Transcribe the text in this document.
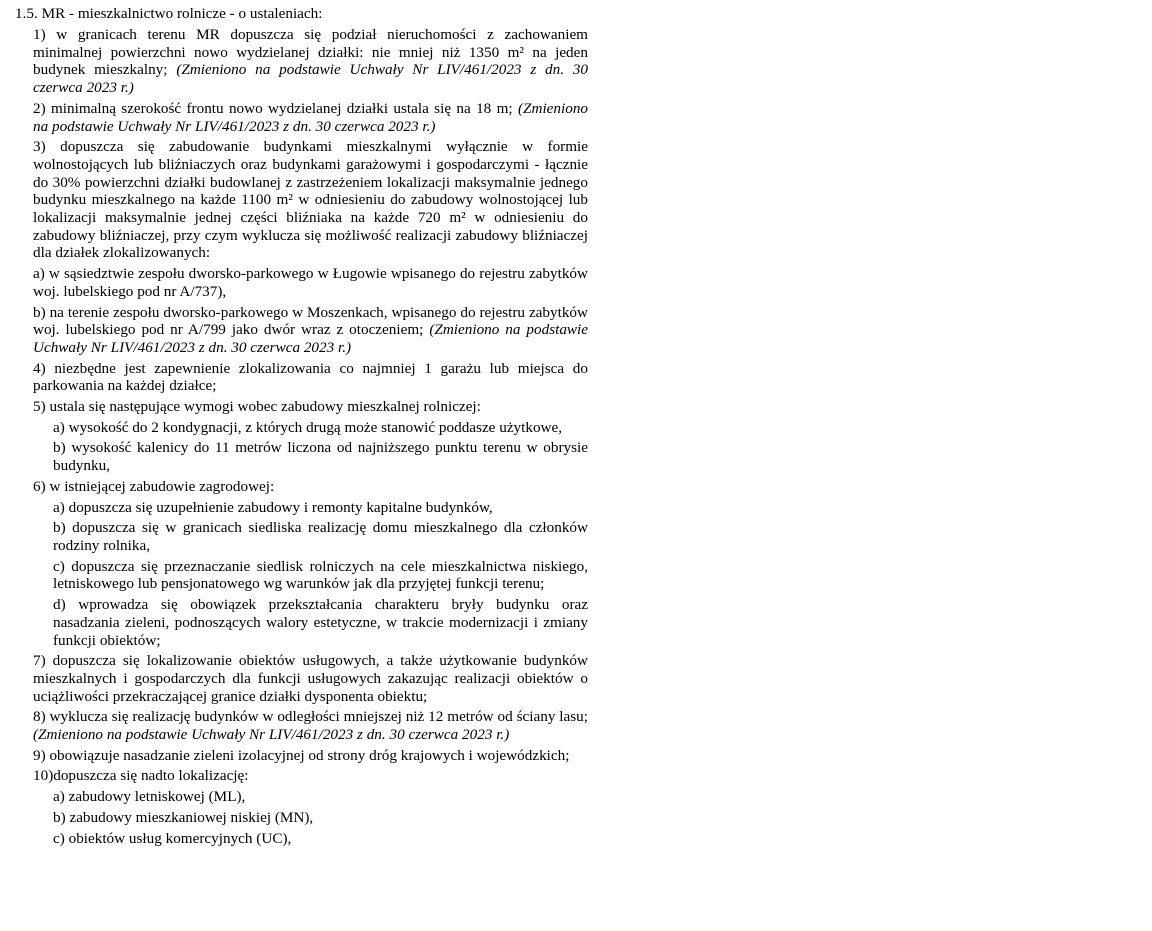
1.5. MR - mieszkalnictwo rolnicze - o ustaleniach:
1) w granicach terenu MR dopuszcza się podział nieruchomości z zachowaniem minimalnej powierzchni nowo wydzielanej działki: nie mniej niż 1350 m² na jeden budynek mieszkalny; (Zmieniono na podstawie Uchwały Nr LIV/461/2023 z dn. 30 czerwca 2023 r.)
2) minimalną szerokość frontu nowo wydzielanej działki ustala się na 18 m; (Zmieniono na podstawie Uchwały Nr LIV/461/2023 z dn. 30 czerwca 2023 r.)
3) dopuszcza się zabudowanie budynkami mieszkalnymi wyłącznie w formie wolnostojących lub bliźniaczych oraz budynkami garażowymi i gospodarczymi - łącznie do 30% powierzchni działki budowlanej z zastrzeżeniem lokalizacji maksymalnie jednego budynku mieszkalnego na każde 1100 m² w odniesieniu do zabudowy wolnostojącej lub lokalizacji maksymalnie jednej części bliźniaka na każde 720 m² w odniesieniu do zabudowy bliźniaczej, przy czym wyklucza się możliwość realizacji zabudowy bliźniaczej dla działek zlokalizowanych:
a) w sąsiedztwie zespołu dworsko-parkowego w Ługowie wpisanego do rejestru zabytków woj. lubelskiego pod nr A/737),
b) na terenie zespołu dworsko-parkowego w Moszenkach, wpisanego do rejestru zabytków woj. lubelskiego pod nr A/799 jako dwór wraz z otoczeniem; (Zmieniono na podstawie Uchwały Nr LIV/461/2023 z dn. 30 czerwca 2023 r.)
4) niezbędne jest zapewnienie zlokalizowania co najmniej 1 garażu lub miejsca do parkowania na każdej działce;
5) ustala się następujące wymogi wobec zabudowy mieszkalnej rolniczej:
a) wysokość do 2 kondygnacji, z których drugą może stanowić poddasze użytkowe,
b) wysokość kalenicy do 11 metrów liczona od najniższego punktu terenu w obrysie budynku,
6) w istniejącej zabudowie zagrodowej:
a) dopuszcza się uzupełnienie zabudowy i remonty kapitalne budynków,
b) dopuszcza się w granicach siedliska realizację domu mieszkalnego dla członków rodziny rolnika,
c) dopuszcza się przeznaczanie siedlisk rolniczych na cele mieszkalnictwa niskiego, letniskowego lub pensjonatowego wg warunków jak dla przyjętej funkcji terenu;
d) wprowadza się obowiązek przekształcania charakteru bryły budynku oraz nasadzania zieleni, podnoszących walory estetyczne, w trakcie modernizacji i zmiany funkcji obiektów;
7) dopuszcza się lokalizowanie obiektów usługowych, a także użytkowanie budynków mieszkalnych i gospodarczych dla funkcji usługowych zakazując realizacji obiektów o uciążliwości przekraczającej granice działki dysponenta obiektu;
8) wyklucza się realizację budynków w odległości mniejszej niż 12 metrów od ściany lasu; (Zmieniono na podstawie Uchwały Nr LIV/461/2023 z dn. 30 czerwca 2023 r.)
9) obowiązuje nasadzanie zieleni izolacyjnej od strony dróg krajowych i wojewódzkich;
10)dopuszcza się nadto lokalizację:
a) zabudowy letniskowej (ML),
b) zabudowy mieszkaniowej niskiej (MN),
c) obiektów usług komercyjnych (UC),
